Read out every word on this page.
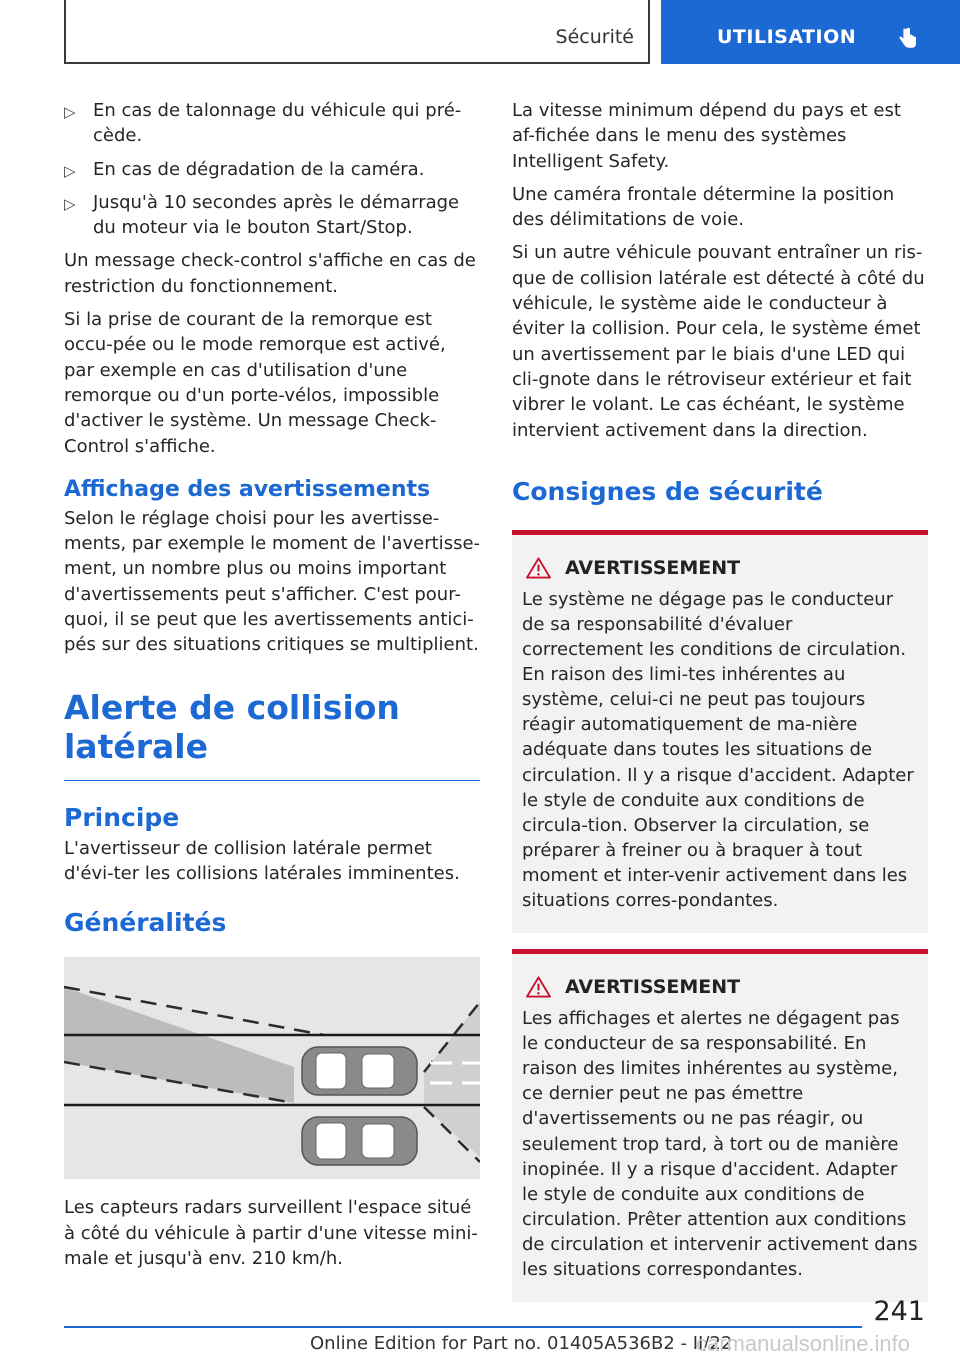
Sécurité	UTILISATION
▷ En cas de talonnage du véhicule qui pré-cède.
▷ En cas de dégradation de la caméra.
▷ Jusqu'à 10 secondes après le démarrage du moteur via le bouton Start/Stop.

Un message check-control s'affiche en cas de restriction du fonctionnement.

Si la prise de courant de la remorque est occu-pée ou le mode remorque est activé, par exemple en cas d'utilisation d'une remorque ou d'un porte-vélos, impossible d'activer le système. Un message Check-Control s'affiche.

Affichage des avertissements

Selon le réglage choisi pour les avertisse-ments, par exemple le moment de l'avertisse-ment, un nombre plus ou moins important d'avertissements peut s'afficher. C'est pour-quoi, il se peut que les avertissements antici-pés sur des situations critiques se multiplient.

Alerte de collision latérale
Principe

L'avertisseur de collision latérale permet d'évi-ter les collisions latérales imminentes.

Généralités

Les capteurs radars surveillent l'espace situé à côté du véhicule à partir d'une vitesse mini-male et jusqu'à env. 210 km/h.

La vitesse minimum dépend du pays et est af-fichée dans le menu des systèmes Intelligent Safety.

Une caméra frontale détermine la position des délimitations de voie.

Si un autre véhicule pouvant entraîner un ris-que de collision latérale est détecté à côté du véhicule, le système aide le conducteur à éviter la collision. Pour cela, le système émet un avertissement par le biais d'une LED qui cli-gnote dans le rétroviseur extérieur et fait vibrer le volant. Le cas échéant, le système intervient activement dans la direction.

Consignes de sécurité
AVERTISSEMENT

Le système ne dégage pas le conducteur de sa responsabilité d'évaluer correctement les conditions de circulation. En raison des limi-tes inhérentes au système, celui-ci ne peut pas toujours réagir automatiquement de ma-nière adéquate dans toutes les situations de circulation. Il y a risque d'accident. Adapter le style de conduite aux conditions de circula-tion. Observer la circulation, se préparer à freiner ou à braquer à tout moment et inter-venir activement dans les situations corres-pondantes.

AVERTISSEMENT

Les affichages et alertes ne dégagent pas le conducteur de sa responsabilité. En raison des limites inhérentes au système, ce dernier peut ne pas émettre d'avertissements ou ne pas réagir, ou seulement trop tard, à tort ou de manière inopinée. Il y a risque d'accident. Adapter le style de conduite aux conditions de circulation. Prêter attention aux conditions de circulation et intervenir activement dans les situations correspondantes.

241
Online Edition for Part no. 01405A536B2 - II/22
carmanualsonline.info
